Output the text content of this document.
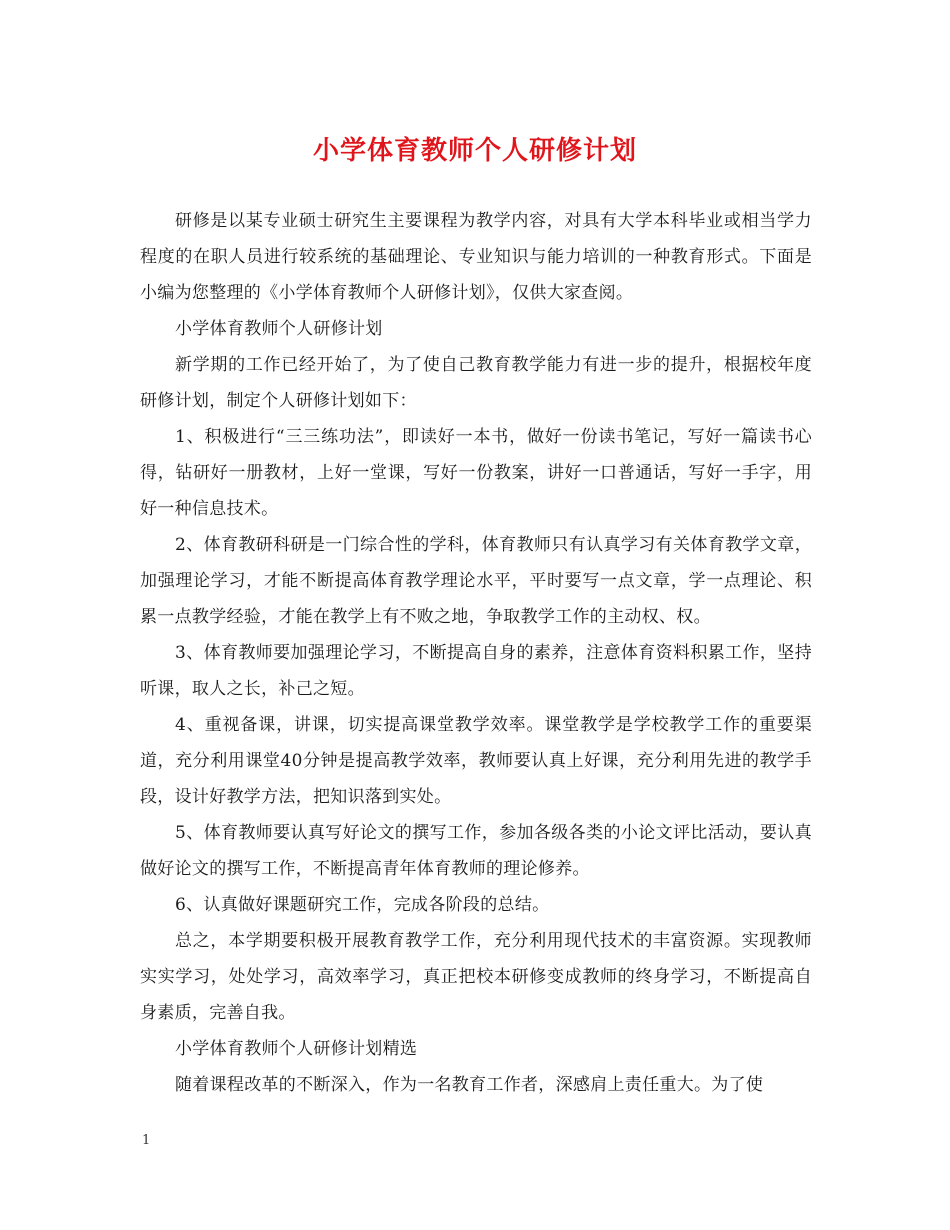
小学体育教师个人研修计划

研修是以某专业硕士研究生主要课程为教学内容，对具有大学本科毕业或相当学力程度的在职人员进行较系统的基础理论、专业知识与能力培训的一种教育形式。下面是小编为您整理的《小学体育教师个人研修计划》，仅供大家查阅。

小学体育教师个人研修计划

新学期的工作已经开始了，为了使自己教育教学能力有进一步的提升，根据校年度研修计划，制定个人研修计划如下：

1、积极进行“三三练功法”，即读好一本书，做好一份读书笔记，写好一篇读书心得，钻研好一册教材，上好一堂课，写好一份教案，讲好一口普通话，写好一手字，用好一种信息技术。

2、体育教研科研是一门综合性的学科，体育教师只有认真学习有关体育教学文章，加强理论学习，才能不断提高体育教学理论水平，平时要写一点文章，学一点理论、积累一点教学经验，才能在教学上有不败之地，争取教学工作的主动权、权。

3、体育教师要加强理论学习，不断提高自身的素养，注意体育资料积累工作，坚持听课，取人之长，补己之短。

4、重视备课，讲课，切实提高课堂教学效率。课堂教学是学校教学工作的重要渠道，充分利用课堂40分钟是提高教学效率，教师要认真上好课，充分利用先进的教学手段，设计好教学方法，把知识落到实处。

5、体育教师要认真写好论文的撰写工作，参加各级各类的小论文评比活动，要认真做好论文的撰写工作，不断提高青年体育教师的理论修养。

6、认真做好课题研究工作，完成各阶段的总结。

总之，本学期要积极开展教育教学工作，充分利用现代技术的丰富资源。实现教师实实学习，处处学习，高效率学习，真正把校本研修变成教师的终身学习，不断提高自身素质，完善自我。

小学体育教师个人研修计划精选

随着课程改革的不断深入，作为一名教育工作者，深感肩上责任重大。为了使

1
